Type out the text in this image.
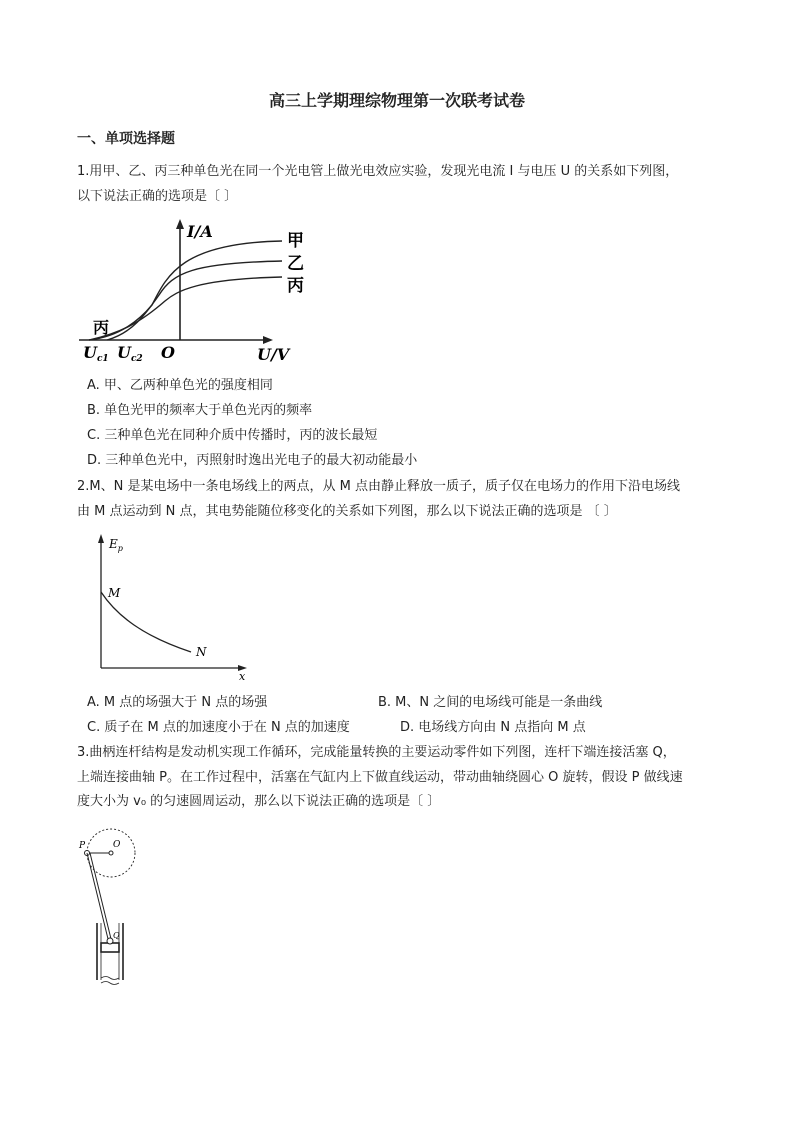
高三上学期理综物理第一次联考试卷
一、单项选择题
1.用甲、乙、丙三种单色光在同一个光电管上做光电效应实验，发现光电流 I 与电压 U 的关系如下列图，
以下说法正确的选项是〔 〕
I/A	甲
乙
丙
丙
Uc1 Uc2 O	U/V
A. 甲、乙两种单色光的强度相同
B. 单色光甲的频率大于单色光丙的频率
C. 三种单色光在同种介质中传播时，丙的波长最短
D. 三种单色光中，丙照射时逸出光电子的最大初动能最小
2.M、N 是某电场中一条电场线上的两点，从 M 点由静止释放一质子，质子仅在电场力的作用下沿电场线
由 M 点运动到 N 点，其电势能随位移变化的关系如下列图，那么以下说法正确的选项是 〔 〕
$E_p$
M
N
x
A. M 点的场强大于 N 点的场强	B. M、N 之间的电场线可能是一条曲线
C. 质子在 M 点的加速度小于在 N 点的加速度	D. 电场线方向由 N 点指向 M 点
3.曲柄连杆结构是发动机实现工作循环，完成能量转换的主要运动零件如下列图，连杆下端连接活塞 Q，
上端连接曲轴 P。在工作过程中，活塞在气缸内上下做直线运动，带动曲轴绕圆心 O 旋转，假设 P 做线速
度大小为 v₀ 的匀速圆周运动，那么以下说法正确的选项是〔 〕
P	O
Q
